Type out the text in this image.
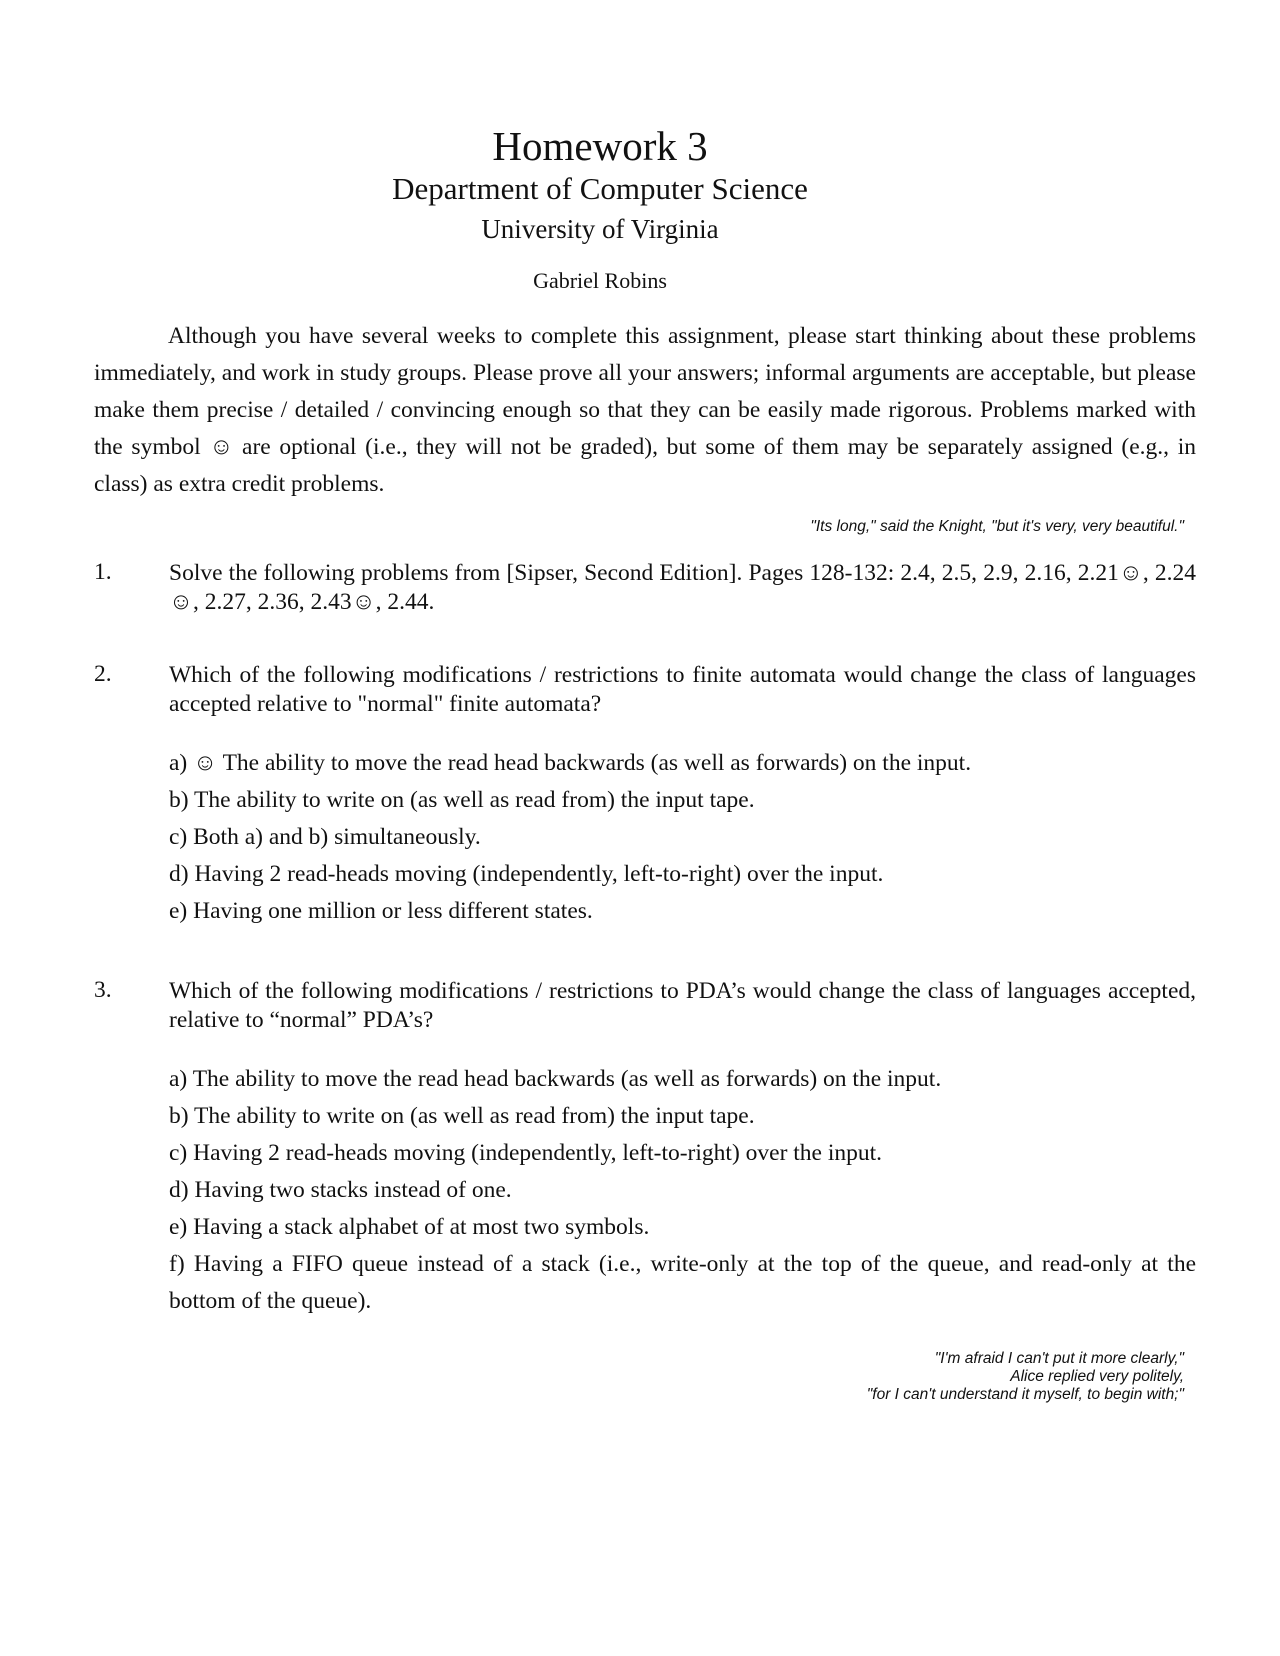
Homework 3
Department of Computer Science
University of Virginia
Gabriel Robins

Although you have several weeks to complete this assignment, please start thinking about these problems immediately, and work in study groups. Please prove all your answers; informal arguments are acceptable, but please make them precise / detailed / convincing enough so that they can be easily made rigorous. Problems marked with the symbol ☺ are optional (i.e., they will not be graded), but some of them may be separately assigned (e.g., in class) as extra credit problems.

"Its long," said the Knight, "but it's very, very beautiful."
1. Solve the following problems from [Sipser, Second Edition]. Pages 128-132: 2.4, 2.5, 2.9, 2.16, 2.21☺, 2.24☺, 2.27, 2.36, 2.43☺, 2.44.
2. Which of the following modifications / restrictions to finite automata would change the class of languages accepted relative to "normal" finite automata?
a) ☺ The ability to move the read head backwards (as well as forwards) on the input.
b) The ability to write on (as well as read from) the input tape.
c) Both a) and b) simultaneously.
d) Having 2 read-heads moving (independently, left-to-right) over the input.
e) Having one million or less different states.
3. Which of the following modifications / restrictions to PDA’s would change the class of languages accepted, relative to “normal” PDA’s?
a) The ability to move the read head backwards (as well as forwards) on the input.
b) The ability to write on (as well as read from) the input tape.
c) Having 2 read-heads moving (independently, left-to-right) over the input.
d) Having two stacks instead of one.
e) Having a stack alphabet of at most two symbols.
f) Having a FIFO queue instead of a stack (i.e., write-only at the top of the queue, and read-only at the bottom of the queue).
"I'm afraid I can't put it more clearly,"
Alice replied very politely,
"for I can't understand it myself, to begin with;"
